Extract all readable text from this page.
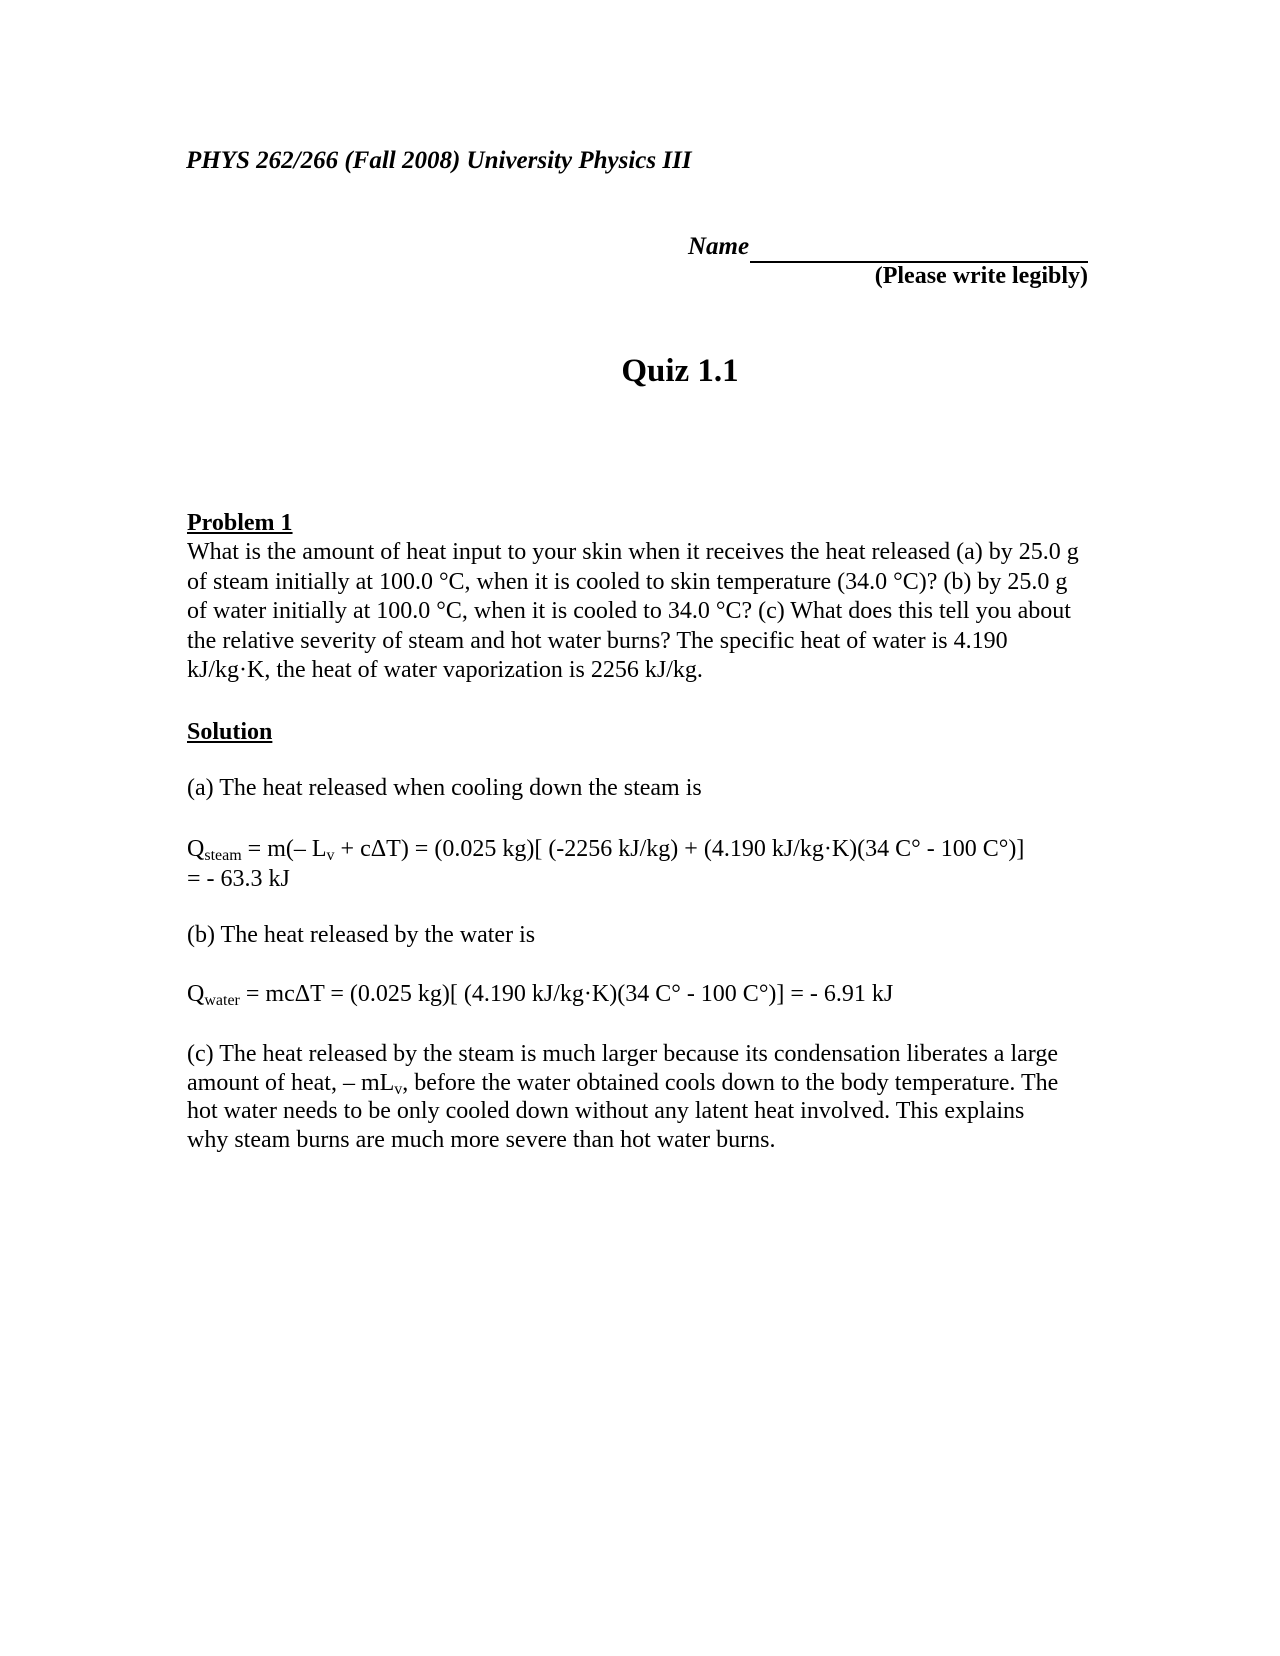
PHYS 262/266 (Fall 2008) University Physics III
Name
(Please write legibly)
Quiz 1.1
Problem 1
What is the amount of heat input to your skin when it receives the heat released (a) by 25.0 g of steam initially at 100.0 °C, when it is cooled to skin temperature (34.0 °C)? (b) by 25.0 g of water initially at 100.0 °C, when it is cooled to 34.0 °C? (c) What does this tell you about the relative severity of steam and hot water burns? The specific heat of water is 4.190 kJ/kg·K, the heat of water vaporization is 2256 kJ/kg.
Solution
(a) The heat released when cooling down the steam is
$Q_{steam} = m(-$ $L_v + c\Delta T) = (0.025$ kg)[ (-2256 kJ/kg) + (4.190 kJ/kg·K)(34 C° - 100 C°)]
= - 63.3 kJ
(b) The heat released by the water is
$Q_{water} = mc\Delta T = (0.025$ kg)[ (4.190 kJ/kg·K)(34 C° - 100 C°)] = - 6.91 kJ
(c) The heat released by the steam is much larger because its condensation liberates a large amount of heat, – $mL_v$, before the water obtained cools down to the body temperature. The hot water needs to be only cooled down without any latent heat involved. This explains why steam burns are much more severe than hot water burns.
